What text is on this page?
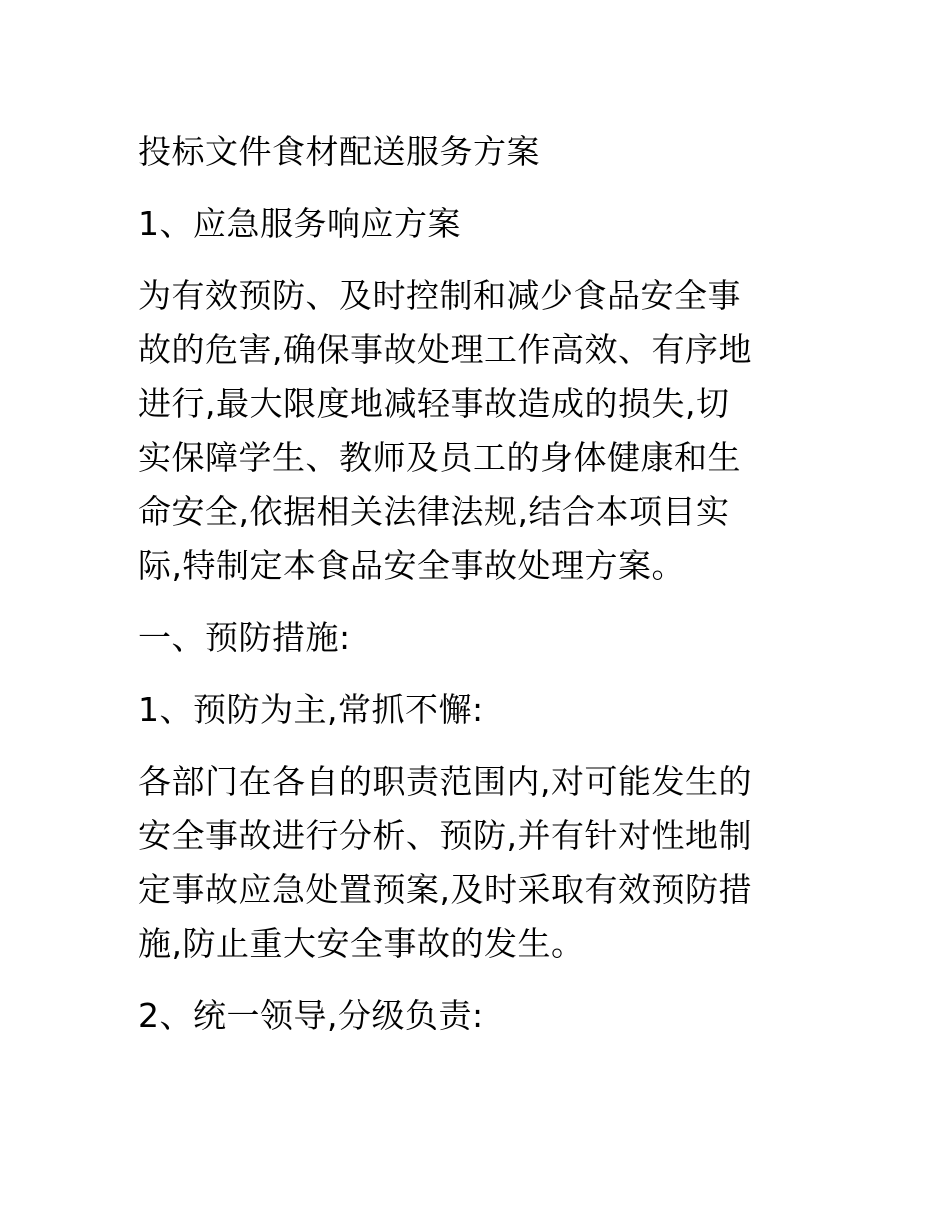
投标文件食材配送服务方案
1、应急服务响应方案
为有效预防、及时控制和减少食品安全事
故的危害,确保事故处理工作高效、有序地
进行,最大限度地减轻事故造成的损失,切
实保障学生、教师及员工的身体健康和生
命安全,依据相关法律法规,结合本项目实
际,特制定本食品安全事故处理方案。
一、预防措施:
1、预防为主,常抓不懈:
各部门在各自的职责范围内,对可能发生的
安全事故进行分析、预防,并有针对性地制
定事故应急处置预案,及时采取有效预防措
施,防止重大安全事故的发生。
2、统一领导,分级负责:
